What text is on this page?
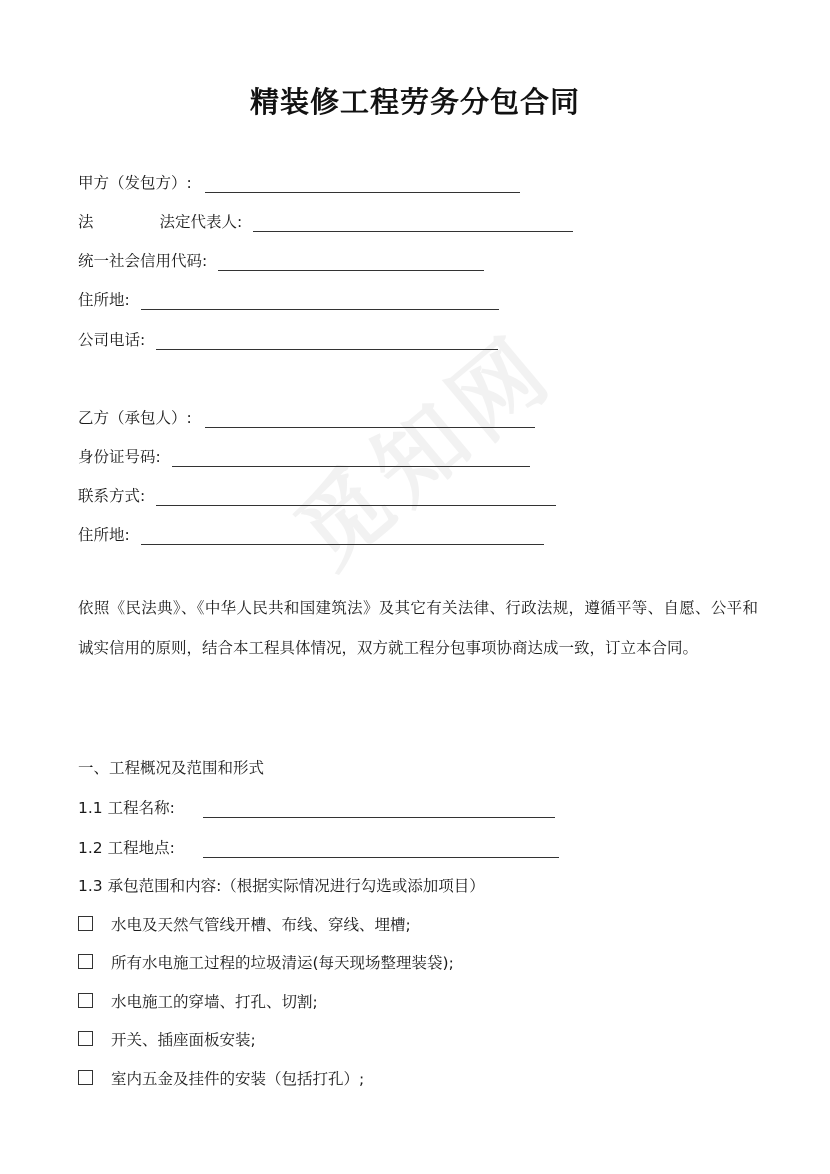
觅知网
精装修工程劳务分包合同
甲方（发包方）:
法	法定代表人:
统一社会信用代码:
住所地:
公司电话:
乙方（承包人）:
身份证号码:
联系方式:
住所地:
依照《民法典》、《中华人民共和国建筑法》及其它有关法律、行政法规，遵循平等、自愿、公平和诚实信用的原则，结合本工程具体情况，双方就工程分包事项协商达成一致，订立本合同。
一、工程概况及范围和形式
1.1 工程名称:
1.2 工程地点:
1.3 承包范围和内容:（根据实际情况进行勾选或添加项目）
水电及天然气管线开槽、布线、穿线、埋槽;
所有水电施工过程的垃圾清运(每天现场整理装袋);
水电施工的穿墙、打孔、切割;
开关、插座面板安装;
室内五金及挂件的安装（包括打孔）;
